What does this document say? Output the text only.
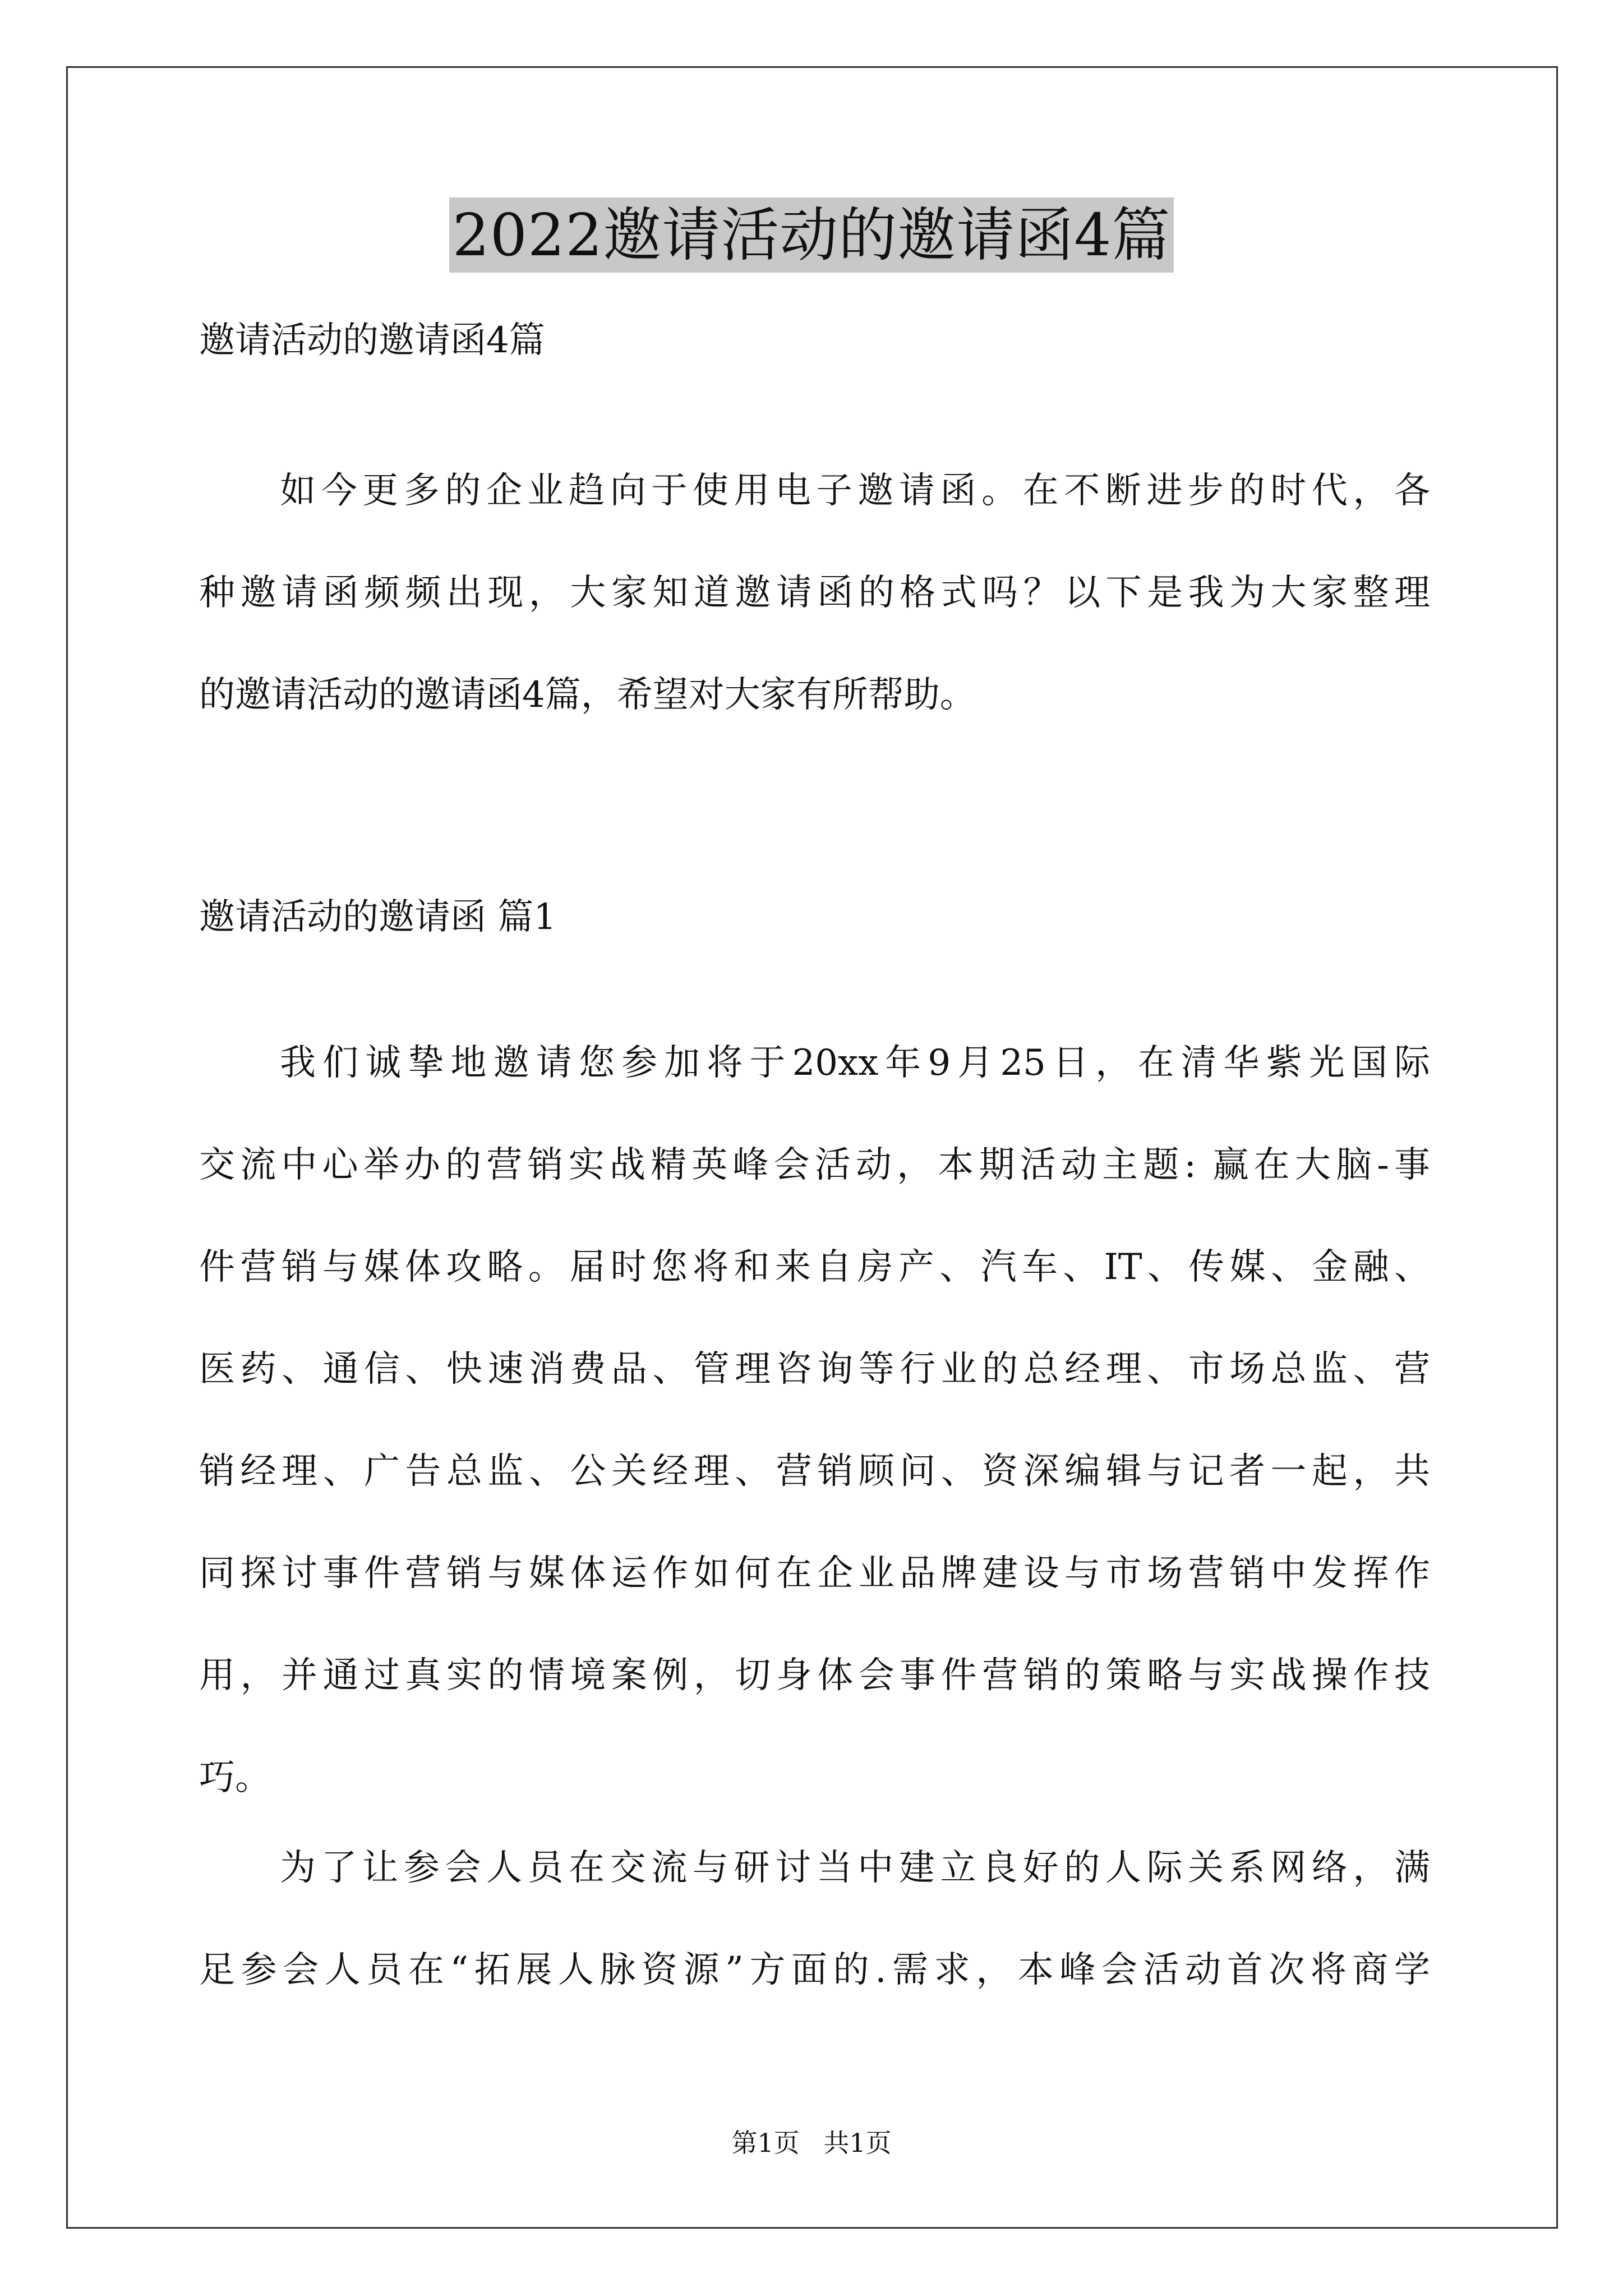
2022邀请活动的邀请函4篇
邀请活动的邀请函4篇
如今更多的企业趋向于使用电子邀请函。在不断进步的时代，各
种邀请函频频出现，大家知道邀请函的格式吗？以下是我为大家整理
的邀请活动的邀请函4篇，希望对大家有所帮助。
邀请活动的邀请函 篇1
我们诚挚地邀请您参加将于20xx年9月25日，在清华紫光国际
交流中心举办的营销实战精英峰会活动，本期活动主题: 赢在大脑-事
件营销与媒体攻略。届时您将和来自房产、汽车、IT、传媒、金融、
医药、通信、快速消费品、管理咨询等行业的总经理、市场总监、营
销经理、广告总监、公关经理、营销顾问、资深编辑与记者一起，共
同探讨事件营销与媒体运作如何在企业品牌建设与市场营销中发挥作
用，并通过真实的情境案例，切身体会事件营销的策略与实战操作技
巧。
为了让参会人员在交流与研讨当中建立良好的人际关系网络，满
足参会人员在“拓展人脉资源”方面的.需求，本峰会活动首次将商学
第1页 共1页
